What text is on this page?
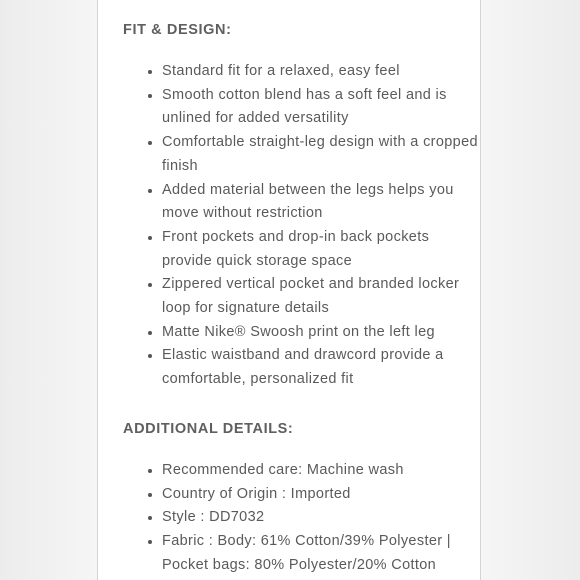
FIT & DESIGN:
• Standard fit for a relaxed, easy feel
• Smooth cotton blend has a soft feel and is unlined for added versatility
• Comfortable straight-leg design with a cropped finish
• Added material between the legs helps you move without restriction
• Front pockets and drop-in back pockets provide quick storage space
• Zippered vertical pocket and branded locker loop for signature details
• Matte Nike® Swoosh print on the left leg
• Elastic waistband and drawcord provide a comfortable, personalized fit
ADDITIONAL DETAILS:
• Recommended care: Machine wash
• Country of Origin : Imported
• Style : DD7032
• Fabric : Body: 61% Cotton/39% Polyester | Pocket bags: 80% Polyester/20% Cotton
